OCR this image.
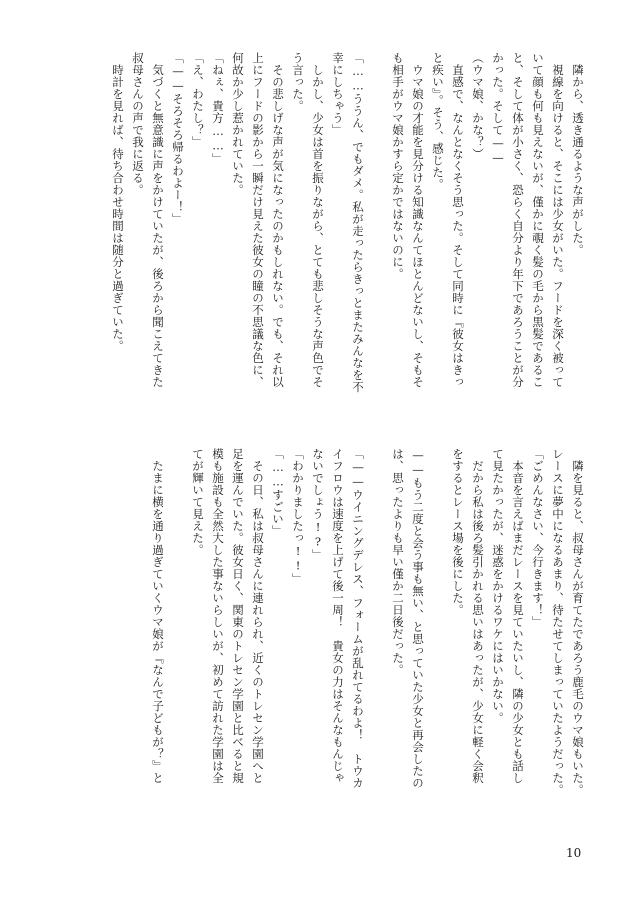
　隣から、透き通るような声がした。
　視線を向けると、そこには少女がいた。フードを深く被って
いて顔も何も見えないが、僅かに覗く髪の毛から黒髪であるこ
と、そして体が小さく、恐らく自分より年下であろうことが分
かった。そして——
（ウマ娘、かな？）
　直感で、なんとなくそう思った。そして同時に『彼女はきっ
と疾い』。そう、感じた。
　ウマ娘の才能を見分ける知識なんてほとんどないし、そもそ
も相手がウマ娘かすら定かではないのに。

「……ううん、でもダメ。私が走ったらきっとまたみんなを不
幸にしちゃう」
　しかし、少女は首を振りながら、とても悲しそうな声色でそ
う言った。
　その悲しげな声が気になったのかもしれない。でも、それ以
上にフードの影から一瞬だけ見えた彼女の瞳の不思議な色に、
何故か少し惹かれていた。
「ねぇ、貴方……」
「え、わたし？」
「——そろそろ帰るわよー！」
　気づくと無意識に声をかけていたが、後ろから聞こえてきた
叔母さんの声で我に返る。
　時計を見れば、待ち合わせ時間は随分と過ぎていた。
　隣を見ると、叔母さんが育てたであろう鹿毛のウマ娘もいた。
レースに夢中になるあまり、待たせてしまっていたようだった。
「ごめんなさい、今行きます！」
　本音を言えばまだレースを見ていたいし、隣の少女とも話し
て見たかったが、迷惑をかけるワケにはいかない。
　だから私は後ろ髪引かれる思いはあったが、少女に軽く会釈
をするとレース場を後にした。

——もう二度と会う事も無い、と思っていた少女と再会したの
は、思ったよりも早い僅か二日後だった。

「——ウイニングデレス、フォームが乱れてるわよ！　トウカ
イフロウは速度を上げて後一周！　貴女の力はそんなもんじゃ
ないでしょう!?」
「わかりましたっ!!」
「……すごい」
　その日、私は叔母さんに連れられ、近くのトレセン学園へと
足を運んでいた。彼女日く、関東のトレセン学園と比べると規
模も施設も全然大した事ないらしいが、初めて訪れた学園は全
てが輝いて見えた。

　たまに横を通り過ぎていくウマ娘が『なんで子どもが？』と
10
